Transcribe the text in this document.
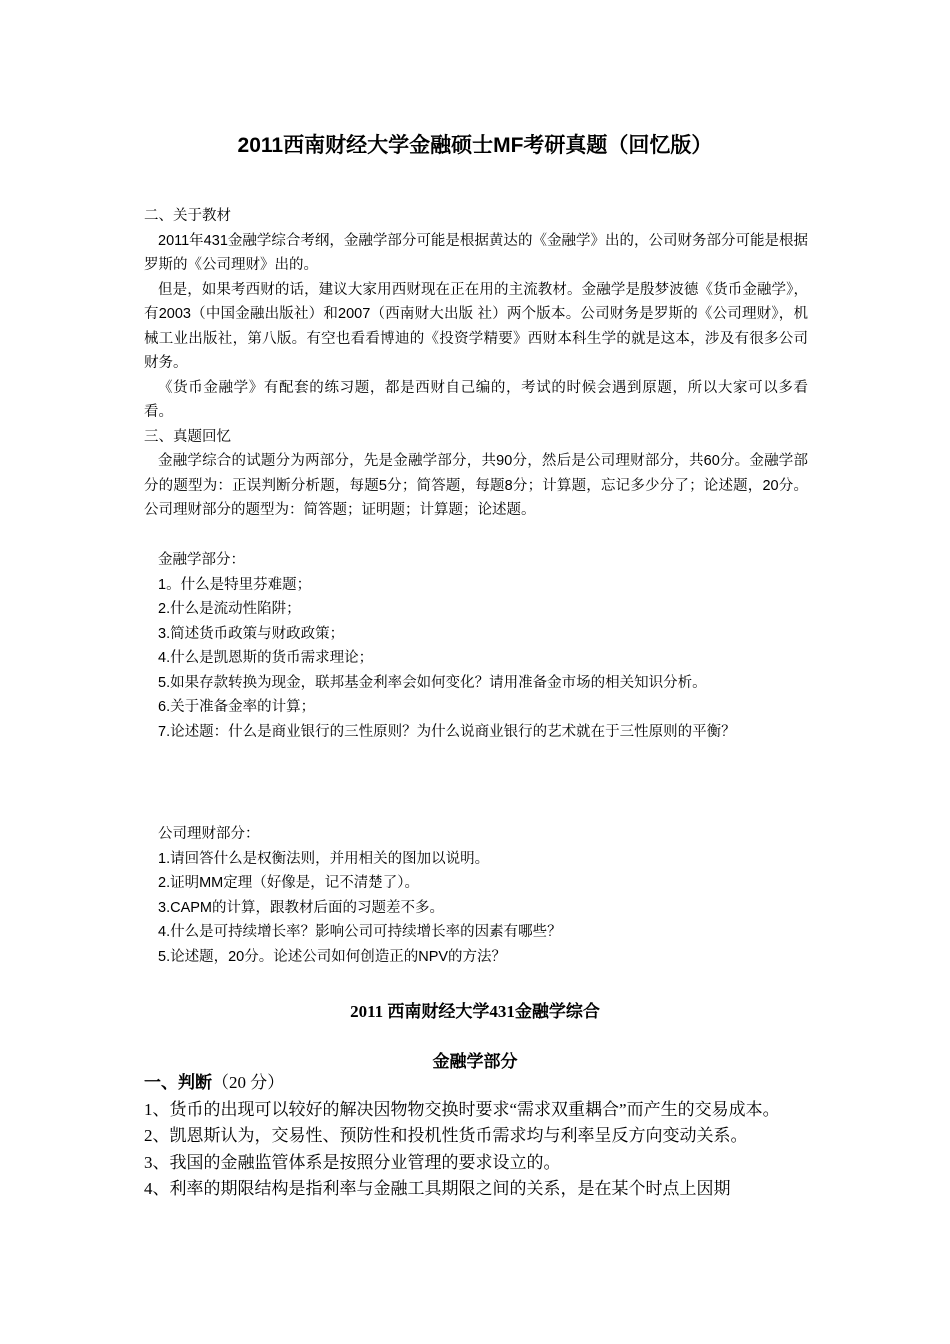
2011西南财经大学金融硕士MF考研真题（回忆版）

二、关于教材

2011年431金融学综合考纲，金融学部分可能是根据黄达的《金融学》出的，公司财务部分可能是根据罗斯的《公司理财》出的。

但是，如果考西财的话，建议大家用西财现在正在用的主流教材。金融学是殷梦波德《货币金融学》，有2003（中国金融出版社）和2007（西南财大出版 社）两个版本。公司财务是罗斯的《公司理财》，机械工业出版社，第八版。有空也看看博迪的《投资学精要》西财本科生学的就是这本，涉及有很多公司财务。

《货币金融学》有配套的练习题，都是西财自己编的，考试的时候会遇到原题，所以大家可以多看看。

三、真题回忆

金融学综合的试题分为两部分，先是金融学部分，共90分，然后是公司理财部分，共60分。金融学部分的题型为：正误判断分析题，每题5分；简答题，每题8分；计算题，忘记多少分了；论述题，20分。公司理财部分的题型为：简答题；证明题；计算题；论述题。

金融学部分：

1。什么是特里芬难题；

2.什么是流动性陷阱；

3.简述货币政策与财政政策；

4.什么是凯恩斯的货币需求理论；

5.如果存款转换为现金，联邦基金利率会如何变化？请用准备金市场的相关知识分析。

6.关于准备金率的计算；

7.论述题：什么是商业银行的三性原则？为什么说商业银行的艺术就在于三性原则的平衡？

公司理财部分：

1.请回答什么是权衡法则，并用相关的图加以说明。

2.证明MM定理（好像是，记不清楚了）。

3.CAPM的计算，跟教材后面的习题差不多。

4.什么是可持续增长率？影响公司可持续增长率的因素有哪些？

5.论述题，20分。论述公司如何创造正的NPV的方法？

2011 西南财经大学431金融学综合
金融学部分

一、判断（20 分）

1、货币的出现可以较好的解决因物物交换时要求“需求双重耦合”而产生的交易成本。

2、凯恩斯认为，交易性、预防性和投机性货币需求均与利率呈反方向变动关系。

3、我国的金融监管体系是按照分业管理的要求设立的。

4、利率的期限结构是指利率与金融工具期限之间的关系，是在某个时点上因期
